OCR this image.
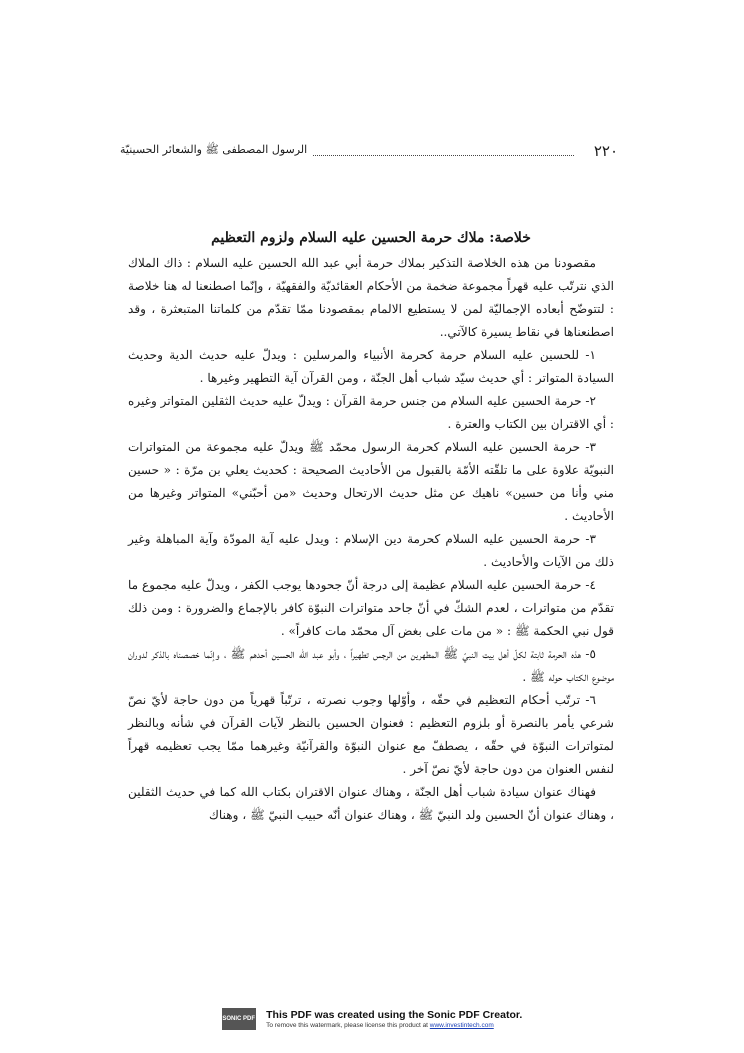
٢٢٠
الرسول المصطفى ﷺ والشعائر الحسينيّة
خلاصة: ملاك حرمة الحسين عليه السلام ولزوم التعظيم

مقصودنا من هذه الخلاصة التذكير بملاك حرمة أبي عبد الله الحسين عليه السلام : ذاك الملاك الذي نترتّب عليه قهراً مجموعة ضخمة من الأحكام العقائديّة والفقهيّة ، وإنّما اصطنعنا له هنا خلاصة : لتتوضّح أبعاده الإجماليّة لمن لا يستطيع الالمام بمقصودنا ممّا تقدّم من كلماتنا المتبعثرة ، وقد اصطنعناها في نقاط يسيرة كالآتي..

١- للحسين عليه السلام حرمة كحرمة الأنبياء والمرسلين : ويدلّ عليه حديث الدية وحديث السيادة المتواتر : أي حديث سيّد شباب أهل الجنّة ، ومن القرآن آية التطهير وغيرها .

٢- حرمة الحسين عليه السلام من جنس حرمة القرآن : ويدلّ عليه حديث الثقلين المتواتر وغيره : أي الاقتران بين الكتاب والعترة .

٣- حرمة الحسين عليه السلام كحرمة الرسول محمّد ﷺ ويدلّ عليه مجموعة من المتواترات النبويّة علاوة على ما تلقّته الأمّة بالقبول من الأحاديث الصحيحة : كحديث يعلي بن مرّة : « حسين مني وأنا من حسين» ناهيك عن مثل حديث الارتحال وحديث «من أحبّني» المتواتر وغيرها من الأحاديث .

٣- حرمة الحسين عليه السلام كحرمة دين الإسلام : ويدل عليه آية المودّة وآية المباهلة وغير ذلك من الآيات والأحاديث .

٤- حرمة الحسين عليه السلام عظيمة إلى درجة أنّ جحودها يوجب الكفر ، ويدلّ عليه مجموع ما تقدّم من متواترات ، لعدم الشكّ في أنّ جاحد متواترات النبوّة كافر بالإجماع والضرورة : ومن ذلك قول نبي الحكمة ﷺ : « من مات على بغض آل محمّد مات كافراً» .

٥- هذه الحرمة ثابتة لكلّ أهل بيت النبيّ ﷺ المطهرين من الرجس تطهيراً ، وأبو عبد الله الحسين أحدهم ﷺ ، وإنّما خصصناه بالذكر لدوران موضوع الكتاب حوله ﷺ .

٦- ترتّب أحكام التعظيم في حقّه ، وأوّلها وجوب نصرته ، ترتّباً قهرياً من دون حاجة لأيّ نصّ شرعي يأمر بالنصرة أو بلزوم التعظيم : فعنوان الحسين بالنظر لآيات القرآن في شأنه وبالنظر لمتواترات النبوّة في حقّه ، يصطفّ مع عنوان النبوّة والقرآنيّة وغيرهما ممّا يجب تعظيمه قهراً لنفس العنوان من دون حاجة لأيّ نصّ آخر .

فهناك عنوان سيادة شباب أهل الجنّة ، وهناك عنوان الاقتران بكتاب الله كما في حديث الثقلين ، وهناك عنوان أنّ الحسين ولد النبيّ ﷺ ، وهناك عنوان أنّه حبيب النبيّ ﷺ ، وهناك

SONIC PDF This PDF was created using the Sonic PDF Creator.
To remove this watermark, please license this product at www.investintech.com
